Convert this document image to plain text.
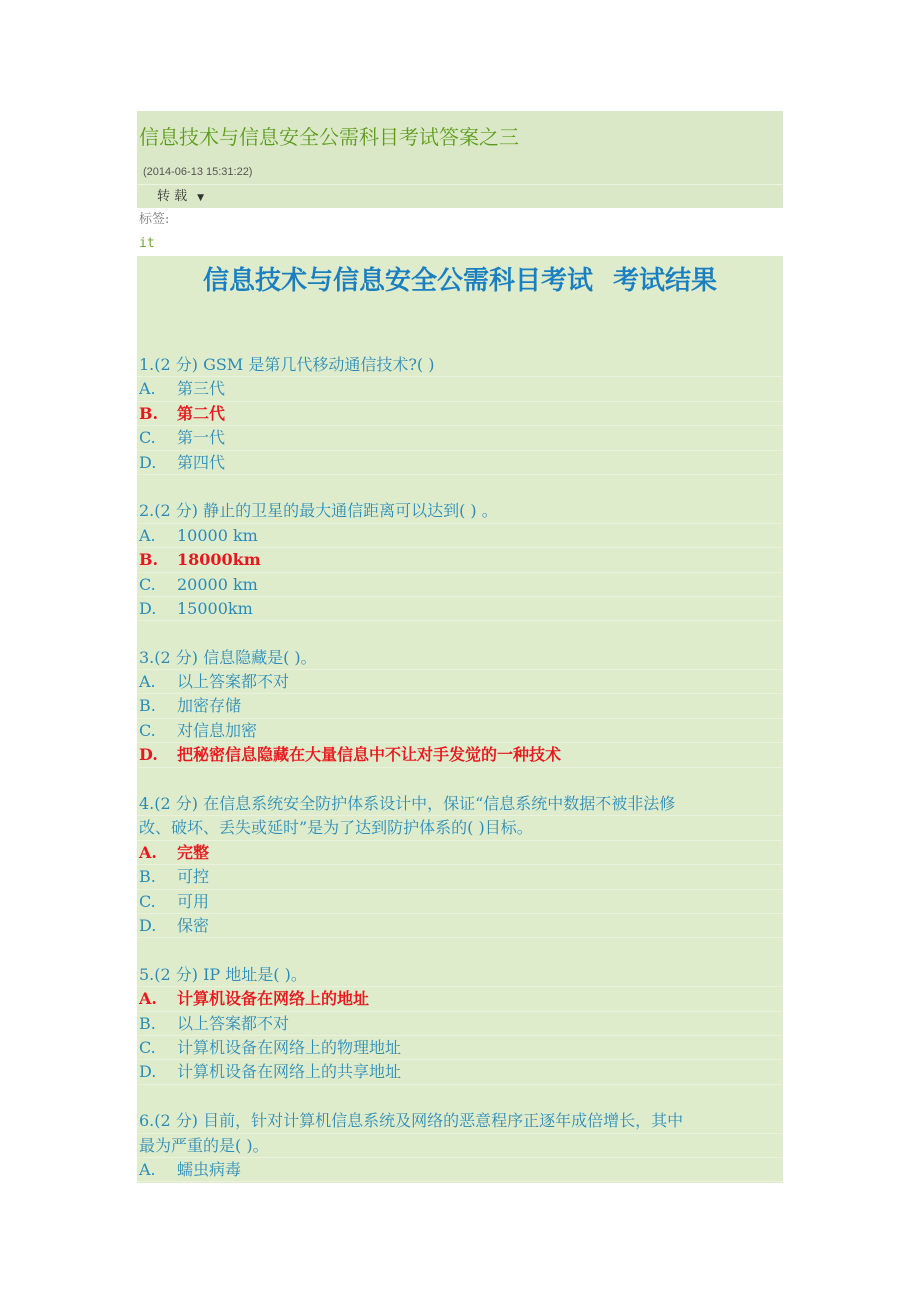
信息技术与信息安全公需科目考试答案之三
(2014-06-13 15:31:22)
转 载 ▼
标签:
it
信息技术与信息安全公需科目考试 考试结果
1.(2 分) GSM 是第几代移动通信技术?( )
A. 第三代
B. 第二代
C. 第一代
D. 第四代
2.(2 分) 静止的卫星的最大通信距离可以达到( ) 。
A. 10000 km
B. 18000km
C. 20000 km
D. 15000km
3.(2 分) 信息隐藏是( )。
A. 以上答案都不对
B. 加密存储
C. 对信息加密
D. 把秘密信息隐藏在大量信息中不让对手发觉的一种技术
4.(2 分) 在信息系统安全防护体系设计中，保证“信息系统中数据不被非法修
改、破坏、丢失或延时”是为了达到防护体系的( )目标。
A. 完整
B. 可控
C. 可用
D. 保密
5.(2 分) IP 地址是( )。
A. 计算机设备在网络上的地址
B. 以上答案都不对
C. 计算机设备在网络上的物理地址
D. 计算机设备在网络上的共享地址
6.(2 分) 目前，针对计算机信息系统及网络的恶意程序正逐年成倍增长，其中
最为严重的是( )。
A. 蠕虫病毒
